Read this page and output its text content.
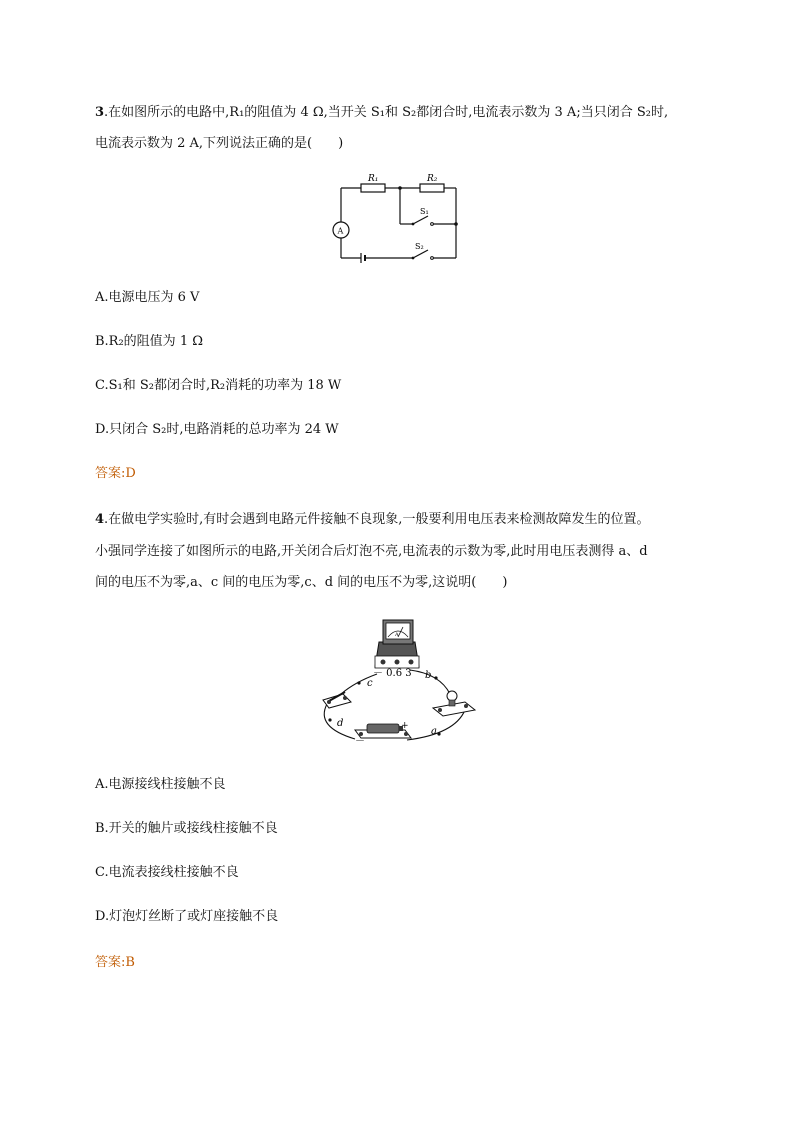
3.在如图所示的电路中,R₁的阻值为 4 Ω,当开关 S₁和 S₂都闭合时,电流表示数为 3 A;当只闭合 S₂时,
电流表示数为 2 A,下列说法正确的是(　　)
R₁	R₂
S₁
S₂
A
A.电源电压为 6 V
B.R₂的阻值为 1 Ω
C.S₁和 S₂都闭合时,R₂消耗的功率为 18 W
D.只闭合 S₂时,电路消耗的总功率为 24 W
答案:D
4.在做电学实验时,有时会遇到电路元件接触不良现象,一般要利用电压表来检测故障发生的位置。
小强同学连接了如图所示的电路,开关闭合后灯泡不亮,电流表的示数为零,此时用电压表测得 a、d
间的电压不为零,a、c 间的电压为零,c、d 间的电压不为零,这说明(　　)
A
－ 0.6 3
－
+
c
b
d
a
A.电源接线柱接触不良
B.开关的触片或接线柱接触不良
C.电流表接线柱接触不良
D.灯泡灯丝断了或灯座接触不良
答案:B
